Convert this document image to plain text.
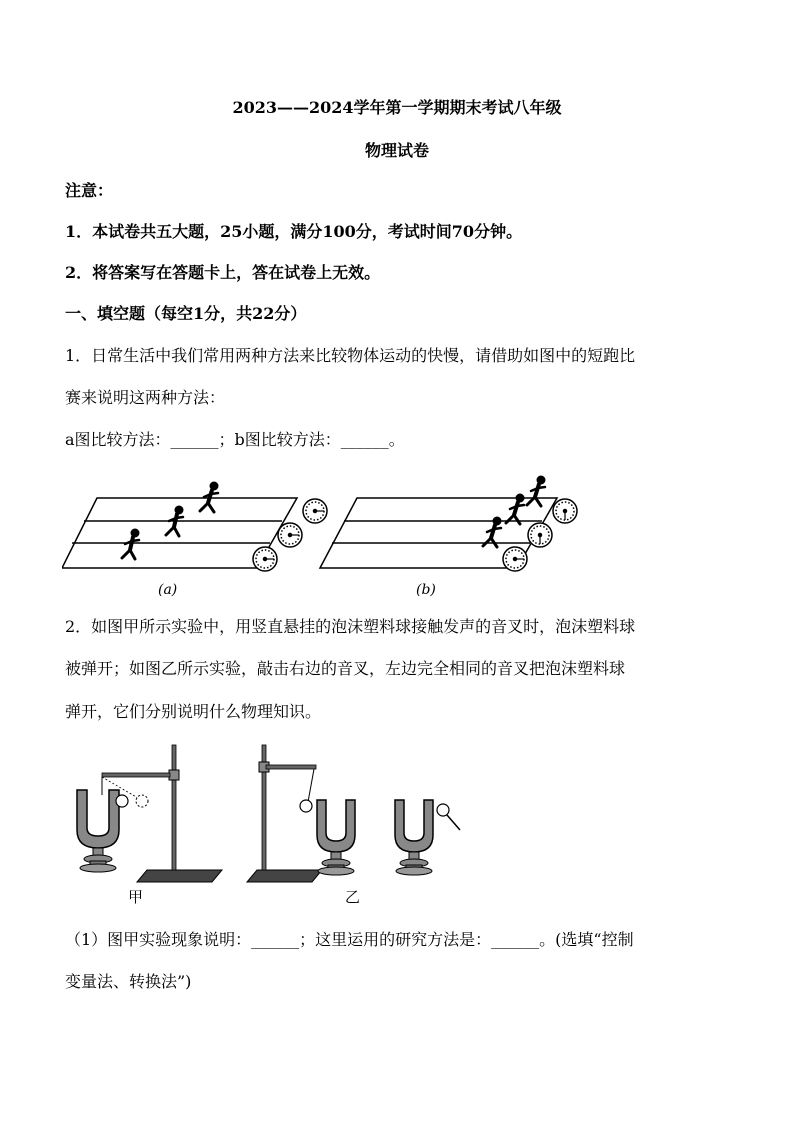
2023——2024学年第一学期期末考试八年级
物理试卷
注意：
1．本试卷共五大题，25小题，满分100分，考试时间70分钟。
2．将答案写在答题卡上，答在试卷上无效。
一、填空题（每空1分，共22分）
1．日常生活中我们常用两种方法来比较物体运动的快慢，请借助如图中的短跑比
赛来说明这两种方法：
a图比较方法：______；b图比较方法：______。
(a)	(b)
2．如图甲所示实验中，用竖直悬挂的泡沫塑料球接触发声的音叉时，泡沫塑料球
被弹开；如图乙所示实验，敲击右边的音叉，左边完全相同的音叉把泡沫塑料球
弹开，它们分别说明什么物理知识。
甲	乙
（1）图甲实验现象说明：______；这里运用的研究方法是：______。(选填“控制
变量法、转换法”)
